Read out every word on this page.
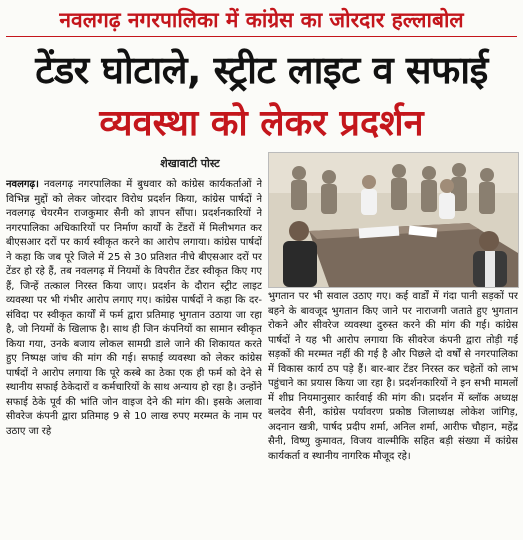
नवलगढ़ नगरपालिका में कांग्रेस का जोरदार हल्लाबोल
टेंडर घोटाले, स्ट्रीट लाइट व सफाई
व्यवस्था को लेकर प्रदर्शन
शेखावाटी पोस्ट
नवलगढ़। नवलगढ़ नगरपालिका में बुधवार को कांग्रेस कार्यकर्ताओं ने विभिन्न मुद्दों को लेकर जोरदार विरोध प्रदर्शन किया, कांग्रेस पार्षदों ने नवलगढ़ चेयरमैन राजकुमार सैनी को ज्ञापन सौंपा। प्रदर्शनकारियों ने नगरपालिका अधिकारियों पर निर्माण कार्यों के टेंडरों में मिलीभगत कर बीएसआर दरों पर कार्य स्वीकृत करने का आरोप लगाया। कांग्रेस पार्षदों ने कहा कि जब पूरे जिले में 25 से 30 प्रतिशत नीचे बीएसआर दरों पर टेंडर हो रहे हैं, तब नवलगढ़ में नियमों के विपरीत टेंडर स्वीकृत किए गए हैं, जिन्हें तत्काल निरस्त किया जाए। प्रदर्शन के दौरान स्ट्रीट लाइट व्यवस्था पर भी गंभीर आरोप लगाए गए। कांग्रेस पार्षदों ने कहा कि दर-संविदा पर स्वीकृत कार्यों में फर्म द्वारा प्रतिमाह भुगतान उठाया जा रहा है, जो नियमों के खिलाफ है। साथ ही जिन कंपनियों का सामान स्वीकृत किया गया, उनके बजाय लोकल सामग्री डाले जाने की शिकायत करते हुए निष्पक्ष जांच की मांग की गई। सफाई व्यवस्था को लेकर कांग्रेस पार्षदों ने आरोप लगाया कि पूरे कस्बे का ठेका एक ही फर्म को देने से स्थानीय सफाई ठेकेदारों व कर्मचारियों के साथ अन्याय हो रहा है। उन्होंने सफाई ठेके पूर्व की भांति जोन वाइज देने की मांग की। इसके अलावा सीवरेज कंपनी द्वारा प्रतिमाह 9 से 10 लाख रुपए मरम्मत के नाम पर उठाए जा रहे
भुगतान पर भी सवाल उठाए गए। कई वार्डों में गंदा पानी सड़कों पर बहने के बावजूद भुगतान किए जाने पर नाराजगी जताते हुए भुगतान रोकने और सीवरेज व्यवस्था दुरुस्त करने की मांग की गई। कांग्रेस पार्षदों ने यह भी आरोप लगाया कि सीवरेज कंपनी द्वारा तोड़ी गई सड़कों की मरम्मत नहीं की गई है और पिछले दो वर्षों से नगरपालिका में विकास कार्य ठप पड़े हैं। बार-बार टेंडर निरस्त कर चहेतों को लाभ पहुंचाने का प्रयास किया जा रहा है। प्रदर्शनकारियों ने इन सभी मामलों में शीघ्र नियमानुसार कार्रवाई की मांग की। प्रदर्शन में ब्लॉक अध्यक्ष बलदेव सैनी, कांग्रेस पर्यावरण प्रकोष्ठ जिलाध्यक्ष लोकेश जांगिड़, अदनान खत्री, पार्षद प्रदीप शर्मा, अनिल शर्मा, आरीफ चौहान, महेंद्र सैनी, विष्णु कुमावत, विजय वाल्मीकि सहित बड़ी संख्या में कांग्रेस कार्यकर्ता व स्थानीय नागरिक मौजूद रहे।
